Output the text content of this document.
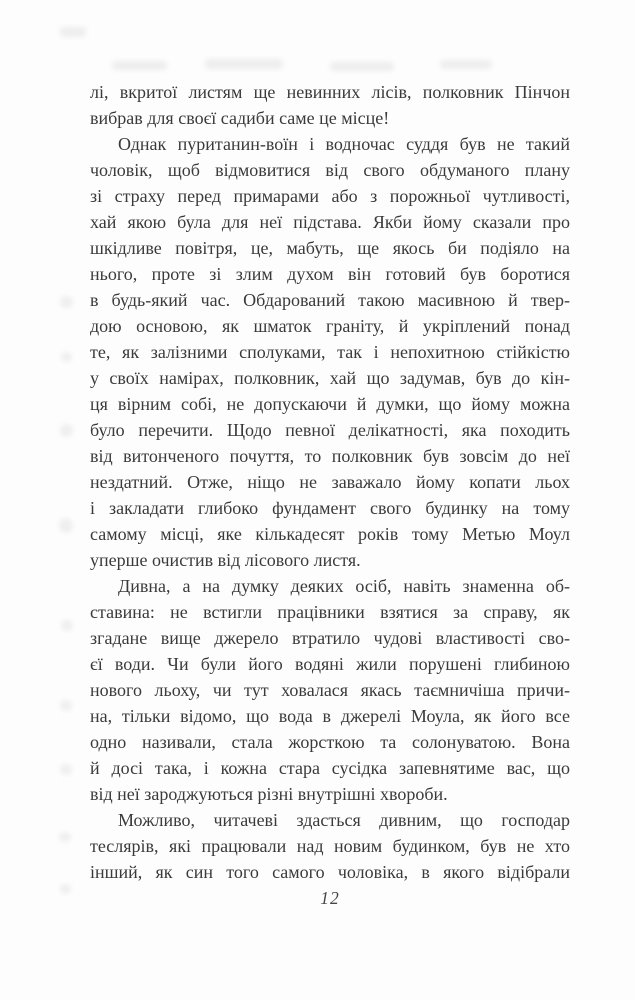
лі, вкритої листям ще невинних лісів, полковник Пінчон
вибрав для своєї садиби саме це місце!

Однак пуританин-воїн і водночас суддя був не такий
чоловік, щоб відмовитися від свого обдуманого плану
зі страху перед примарами або з порожньої чутливості,
хай якою була для неї підстава. Якби йому сказали про
шкідливе повітря, це, мабуть, ще якось би подіяло на
нього, проте зі злим духом він готовий був боротися
в будь-який час. Обдарований такою масивною й твер-
дою основою, як шматок граніту, й укріплений понад
те, як залізними сполуками, так і непохитною стійкістю
у своїх намірах, полковник, хай що задумав, був до кін-
ця вірним собі, не допускаючи й думки, що йому можна
було перечити. Щодо певної делікатності, яка походить
від витонченого почуття, то полковник був зовсім до неї
нездатний. Отже, ніщо не заважало йому копати льох
і закладати глибоко фундамент свого будинку на тому
самому місці, яке кількадесят років тому Метью Моул
уперше очистив від лісового листя.

Дивна, а на думку деяких осіб, навіть знаменна об-
ставина: не встигли працівники взятися за справу, як
згадане вище джерело втратило чудові властивості сво-
єї води. Чи були його водяні жили порушені глибиною
нового льоху, чи тут ховалася якась таємничіша причи-
на, тільки відомо, що вода в джерелі Моула, як його все
одно називали, стала жорсткою та солонуватою. Вона
й досі така, і кожна стара сусідка запевнятиме вас, що
від неї зароджуються різні внутрішні хвороби.

Можливо, читачеві здасться дивним, що господар
теслярів, які працювали над новим будинком, був не хто
інший, як син того самого чоловіка, в якого відібрали

12
